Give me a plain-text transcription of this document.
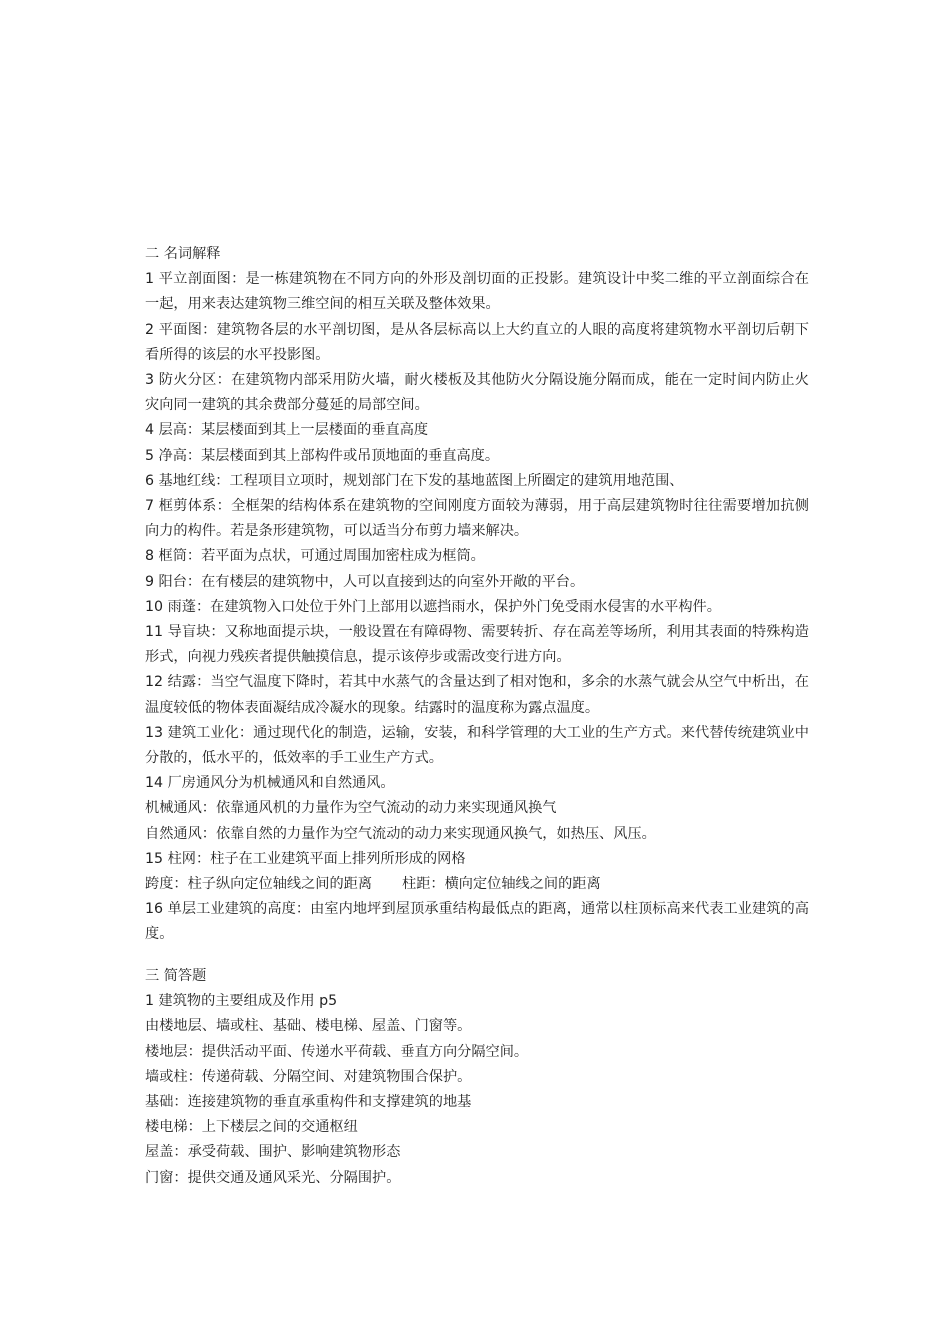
二 名词解释

1 平立剖面图：是一栋建筑物在不同方向的外形及剖切面的正投影。建筑设计中奖二维的平立剖面综合在一起，用来表达建筑物三维空间的相互关联及整体效果。

2 平面图：建筑物各层的水平剖切图，是从各层标高以上大约直立的人眼的高度将建筑物水平剖切后朝下看所得的该层的水平投影图。

3 防火分区：在建筑物内部采用防火墙，耐火楼板及其他防火分隔设施分隔而成，能在一定时间内防止火灾向同一建筑的其余费部分蔓延的局部空间。

4 层高：某层楼面到其上一层楼面的垂直高度

5 净高：某层楼面到其上部构件或吊顶地面的垂直高度。

6 基地红线：工程项目立项时，规划部门在下发的基地蓝图上所圈定的建筑用地范围、

7 框剪体系：全框架的结构体系在建筑物的空间刚度方面较为薄弱，用于高层建筑物时往往需要增加抗侧向力的构件。若是条形建筑物，可以适当分布剪力墙来解决。

8 框筒：若平面为点状，可通过周围加密柱成为框筒。

9 阳台：在有楼层的建筑物中，人可以直接到达的向室外开敞的平台。

10 雨蓬：在建筑物入口处位于外门上部用以遮挡雨水，保护外门免受雨水侵害的水平构件。

11 导盲块：又称地面提示块，一般设置在有障碍物、需要转折、存在高差等场所，利用其表面的特殊构造形式，向视力残疾者提供触摸信息，提示该停步或需改变行进方向。

12 结露：当空气温度下降时，若其中水蒸气的含量达到了相对饱和，多余的水蒸气就会从空气中析出，在温度较低的物体表面凝结成冷凝水的现象。结露时的温度称为露点温度。

13 建筑工业化：通过现代化的制造，运输，安装，和科学管理的大工业的生产方式。来代替传统建筑业中分散的，低水平的，低效率的手工业生产方式。

14 厂房通风分为机械通风和自然通风。

机械通风：依靠通风机的力量作为空气流动的动力来实现通风换气

自然通风：依靠自然的力量作为空气流动的动力来实现通风换气，如热压、风压。

15 柱网：柱子在工业建筑平面上排列所形成的网格

跨度：柱子纵向定位轴线之间的距离 柱距：横向定位轴线之间的距离

16 单层工业建筑的高度：由室内地坪到屋顶承重结构最低点的距离，通常以柱顶标高来代表工业建筑的高度。

三 简答题

1 建筑物的主要组成及作用 p5

由楼地层、墙或柱、基础、楼电梯、屋盖、门窗等。

楼地层：提供活动平面、传递水平荷载、垂直方向分隔空间。

墙或柱：传递荷载、分隔空间、对建筑物围合保护。

基础：连接建筑物的垂直承重构件和支撑建筑的地基

楼电梯：上下楼层之间的交通枢纽

屋盖：承受荷载、围护、影响建筑物形态

门窗：提供交通及通风采光、分隔围护。
